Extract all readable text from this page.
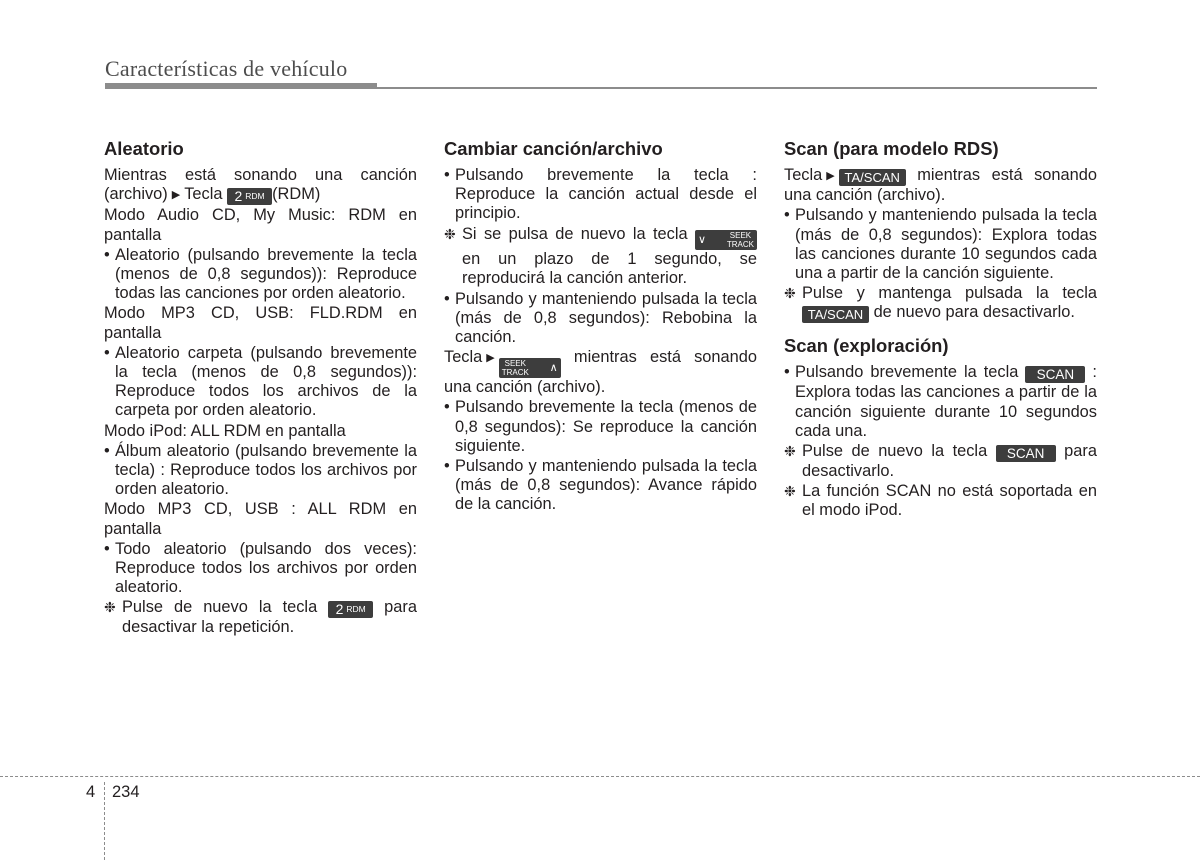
Características de vehículo
Aleatorio

Mientras está sonando una canción (archivo) ▶ Tecla 2 RDM (RDM)

Modo Audio CD, My Music: RDM en pantalla

• Aleatorio (pulsando brevemente la tecla (menos de 0,8 segundos)): Reproduce todas las canciones por orden aleatorio.

Modo MP3 CD, USB: FLD.RDM en pantalla

• Aleatorio carpeta (pulsando brevemente la tecla (menos de 0,8 segundos)): Reproduce todos los archivos de la carpeta por orden aleatorio.

Modo iPod: ALL RDM en pantalla

• Álbum aleatorio (pulsando brevemente la tecla) : Reproduce todos los archivos por orden aleatorio.

Modo MP3 CD, USB : ALL RDM en pantalla

• Todo aleatorio (pulsando dos veces): Reproduce todos los archivos por orden aleatorio.

❉ Pulse de nuevo la tecla 2 RDM para desactivar la repetición.

Cambiar canción/archivo

• Pulsando brevemente la tecla : Reproduce la canción actual desde el principio.

❉ Si se pulsa de nuevo la tecla ∨	SEEK
TRACK
en un plazo de 1 segundo, se reproducirá la canción anterior.

• Pulsando y manteniendo pulsada la tecla (más de 0,8 segundos): Rebobina la canción.

Tecla ▶ SEEK
TRACK ∧
mientras está sonando una canción (archivo).

• Pulsando brevemente la tecla (menos de 0,8 segundos): Se reproduce la canción siguiente.

• Pulsando y manteniendo pulsada la tecla (más de 0,8 segundos): Avance rápido de la canción.

Scan (para modelo RDS)

Tecla ▶ TA/SCAN mientras está sonando una canción (archivo).

• Pulsando y manteniendo pulsada la tecla (más de 0,8 segundos): Explora todas las canciones durante 10 segundos cada una a partir de la canción siguiente.

❉ Pulse y mantenga pulsada la tecla TA/SCAN de nuevo para desactivarlo.

Scan (exploración)

• Pulsando brevemente la tecla SCAN : Explora todas las canciones a partir de la canción siguiente durante 10 segundos cada una.

❉ Pulse de nuevo la tecla SCAN para desactivarlo.

❉ La función SCAN no está soportada en el modo iPod.

4 234
